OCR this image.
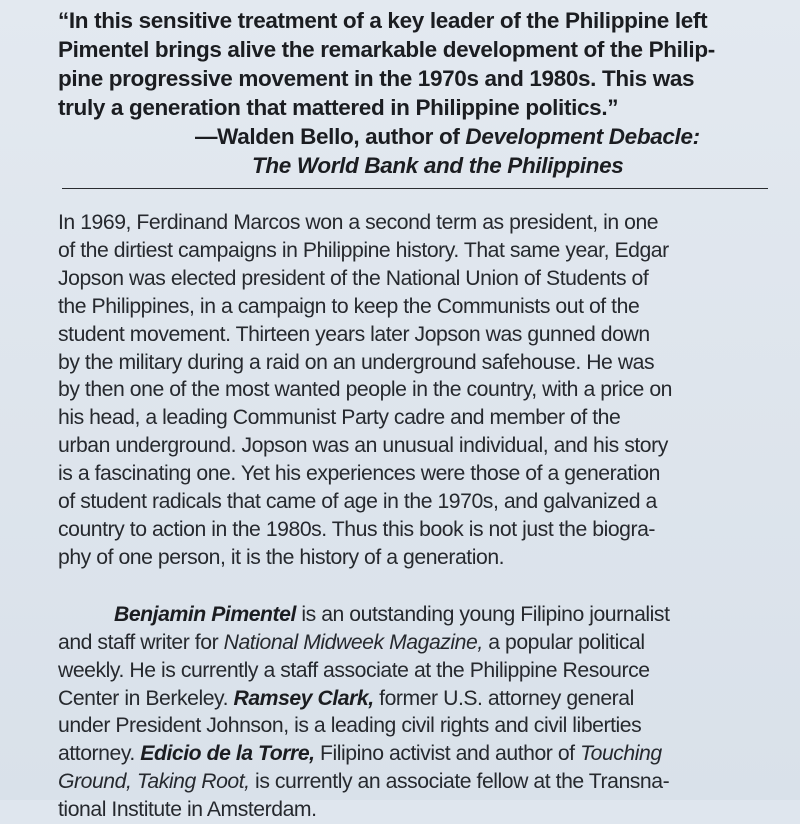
“In this sensitive treatment of a key leader of the Philippine left
Pimentel brings alive the remarkable development of the Philip-
pine progressive movement in the 1970s and 1980s. This was
truly a generation that mattered in Philippine politics.”
—Walden Bello, author of Development Debacle:
The World Bank and the Philippines
In 1969, Ferdinand Marcos won a second term as president, in one
of the dirtiest campaigns in Philippine history. That same year, Edgar
Jopson was elected president of the National Union of Students of
the Philippines, in a campaign to keep the Communists out of the
student movement. Thirteen years later Jopson was gunned down
by the military during a raid on an underground safehouse. He was
by then one of the most wanted people in the country, with a price on
his head, a leading Communist Party cadre and member of the
urban underground. Jopson was an unusual individual, and his story
is a fascinating one. Yet his experiences were those of a generation
of student radicals that came of age in the 1970s, and galvanized a
country to action in the 1980s. Thus this book is not just the biogra-
phy of one person, it is the history of a generation.
Benjamin Pimentel is an outstanding young Filipino journalist
and staff writer for National Midweek Magazine, a popular political
weekly. He is currently a staff associate at the Philippine Resource
Center in Berkeley. Ramsey Clark, former U.S. attorney general
under President Johnson, is a leading civil rights and civil liberties
attorney. Edicio de la Torre, Filipino activist and author of Touching
Ground, Taking Root, is currently an associate fellow at the Transna-
tional Institute in Amsterdam.
